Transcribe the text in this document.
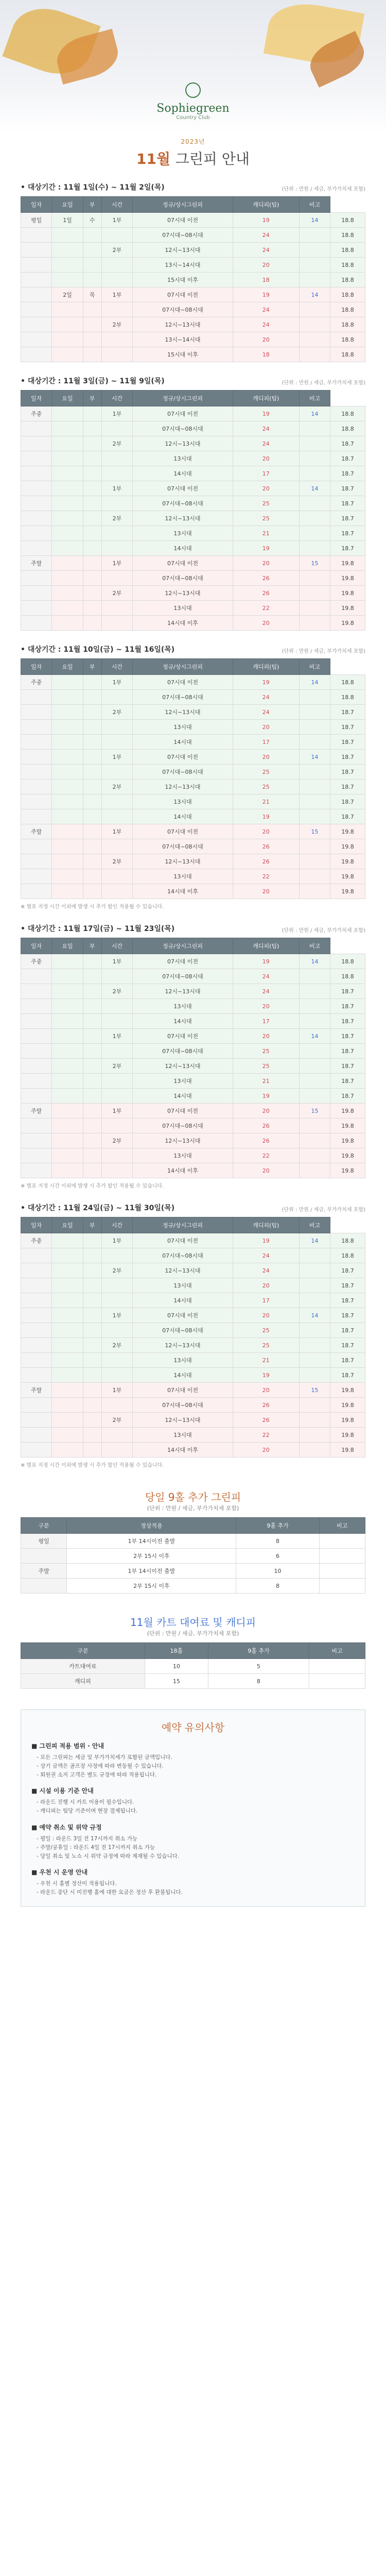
Sophiegreen
Country Club
2023년
11월 그린피 안내
• 대상기간 : 11월 1일(수) ~ 11월 2일(목)	(단위 : 만원 / 세금, 부가가치세 포함)
일자	요일	부	시간	정규/상시그린피	캐디피(팀)	비고	
평일	1일	수	1부	07시대 이전	19	14	18.8
				07시대~08시대	24		18.8
			2부	12시~13시대	24		18.8
				13시~14시대	20		18.8
				15시대 이후	18		18.8
	2일	목	1부	07시대 이전	19	14	18.8
				07시대~08시대	24		18.8
			2부	12시~13시대	24		18.8
				13시~14시대	20		18.8
				15시대 이후	18		18.8
• 대상기간 : 11월 3일(금) ~ 11월 9일(목)	(단위 : 만원 / 세금, 부가가치세 포함)
일자	요일	부	시간	정규/상시그린피	캐디피(팀)	비고	
주중			1부	07시대 이전	19	14	18.8
				07시대~08시대	24		18.8
			2부	12시~13시대	24		18.7
				13시대	20		18.7
				14시대	17		18.7
			1부	07시대 이전	20	14	18.7
				07시대~08시대	25		18.7
			2부	12시~13시대	25		18.7
				13시대	21		18.7
				14시대	19		18.7
주말			1부	07시대 이전	20	15	19.8
				07시대~08시대	26		19.8
			2부	12시~13시대	26		19.8
				13시대	22		19.8
				14시대 이후	20		19.8
• 대상기간 : 11월 10일(금) ~ 11월 16일(목)	(단위 : 만원 / 세금, 부가가치세 포함)
일자	요일	부	시간	정규/상시그린피	캐디피(팀)	비고	
주중			1부	07시대 이전	19	14	18.8
				07시대~08시대	24		18.8
			2부	12시~13시대	24		18.7
				13시대	20		18.7
				14시대	17		18.7
			1부	07시대 이전	20	14	18.7
				07시대~08시대	25		18.7
			2부	12시~13시대	25		18.7
				13시대	21		18.7
				14시대	19		18.7
주말			1부	07시대 이전	20	15	19.8
				07시대~08시대	26		19.8
			2부	12시~13시대	26		19.8
				13시대	22		19.8
				14시대 이후	20		19.8
※ 별표 지정 시간 이외에 발생 시 추가 할인 적용될 수 있습니다.
• 대상기간 : 11월 17일(금) ~ 11월 23일(목)	(단위 : 만원 / 세금, 부가가치세 포함)
일자	요일	부	시간	정규/상시그린피	캐디피(팀)	비고	
주중			1부	07시대 이전	19	14	18.8
				07시대~08시대	24		18.8
			2부	12시~13시대	24		18.7
				13시대	20		18.7
				14시대	17		18.7
			1부	07시대 이전	20	14	18.7
				07시대~08시대	25		18.7
			2부	12시~13시대	25		18.7
				13시대	21		18.7
				14시대	19		18.7
주말			1부	07시대 이전	20	15	19.8
				07시대~08시대	26		19.8
			2부	12시~13시대	26		19.8
				13시대	22		19.8
				14시대 이후	20		19.8
※ 별표 지정 시간 이외에 발생 시 추가 할인 적용될 수 있습니다.
• 대상기간 : 11월 24일(금) ~ 11월 30일(목)	(단위 : 만원 / 세금, 부가가치세 포함)
일자	요일	부	시간	정규/상시그린피	캐디피(팀)	비고	
주중			1부	07시대 이전	19	14	18.8
				07시대~08시대	24		18.8
			2부	12시~13시대	24		18.7
				13시대	20		18.7
				14시대	17		18.7
			1부	07시대 이전	20	14	18.7
				07시대~08시대	25		18.7
			2부	12시~13시대	25		18.7
				13시대	21		18.7
				14시대	19		18.7
주말			1부	07시대 이전	20	15	19.8
				07시대~08시대	26		19.8
			2부	12시~13시대	26		19.8
				13시대	22		19.8
				14시대 이후	20		19.8
※ 별표 지정 시간 이외에 발생 시 추가 할인 적용될 수 있습니다.
당일 9홀 추가 그린피
(단위 : 만원 / 세금, 부가가치세 포함)
구분	정상적용	9홀 추가	비고
평일	1부 14시이전 출발	8	
	2부 15시 이후	6	
주말	1부 14시이전 출발	10	
	2부 15시 이후	8	
11월 카트 대여료 및 캐디피
(단위 : 만원 / 세금, 부가가치세 포함)
구분	18홀	9홀 추가	비고
카트대여료	10	5	
캐디피	15	8	
예약 유의사항
■ 그린피 적용 범위 · 안내
- 모든 그린피는 세금 및 부가가치세가 포함된 금액입니다.
- 상기 금액은 골프장 사정에 따라 변동될 수 있습니다.
- 회원권 소지 고객은 별도 규정에 따라 적용됩니다.
■ 시설 이용 기준 안내
- 라운드 진행 시 카트 이용이 필수입니다.
- 캐디피는 팀당 기준이며 현장 결제됩니다.
■ 예약 취소 및 위약 규정
- 평일 : 라운드 3일 전 17시까지 취소 가능
- 주말/공휴일 : 라운드 4일 전 17시까지 취소 가능
- 당일 취소 및 노쇼 시 위약 규정에 따라 제재될 수 있습니다.
■ 우천 시 운영 안내
- 우천 시 홀별 정산이 적용됩니다.
- 라운드 중단 시 미진행 홀에 대한 요금은 정산 후 환불됩니다.
